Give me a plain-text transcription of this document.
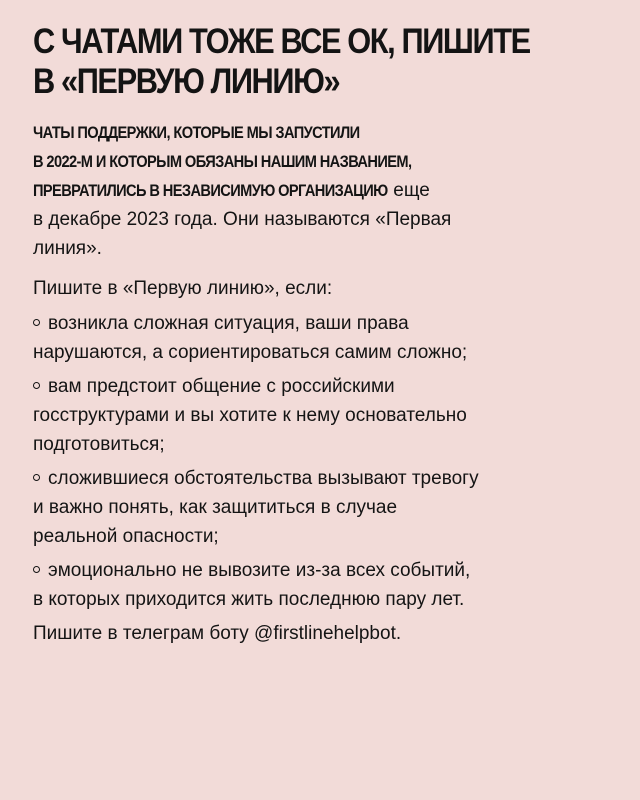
С ЧАТАМИ ТОЖЕ ВСЕ ОК, ПИШИТЕ
В «ПЕРВУЮ ЛИНИЮ»
ЧАТЫ ПОДДЕРЖКИ, КОТОРЫЕ МЫ ЗАПУСТИЛИ
В 2022-М И КОТОРЫМ ОБЯЗАНЫ НАШИМ НАЗВАНИЕМ,
ПРЕВРАТИЛИСЬ В НЕЗАВИСИМУЮ ОРГАНИЗАЦИЮ еще
в декабре 2023 года. Они называются «Первая
линия».

Пишите в «Первую линию», если:

возникла сложная ситуация, ваши права
нарушаются, а сориентироваться самим сложно;
вам предстоит общение с российскими
госструктурами и вы хотите к нему основательно
подготовиться;
сложившиеся обстоятельства вызывают тревогу
и важно понять, как защититься в случае
реальной опасности;
эмоционально не вывозите из-за всех событий,
в которых приходится жить последнюю пару лет.

Пишите в телеграм боту @firstlinehelpbot.
